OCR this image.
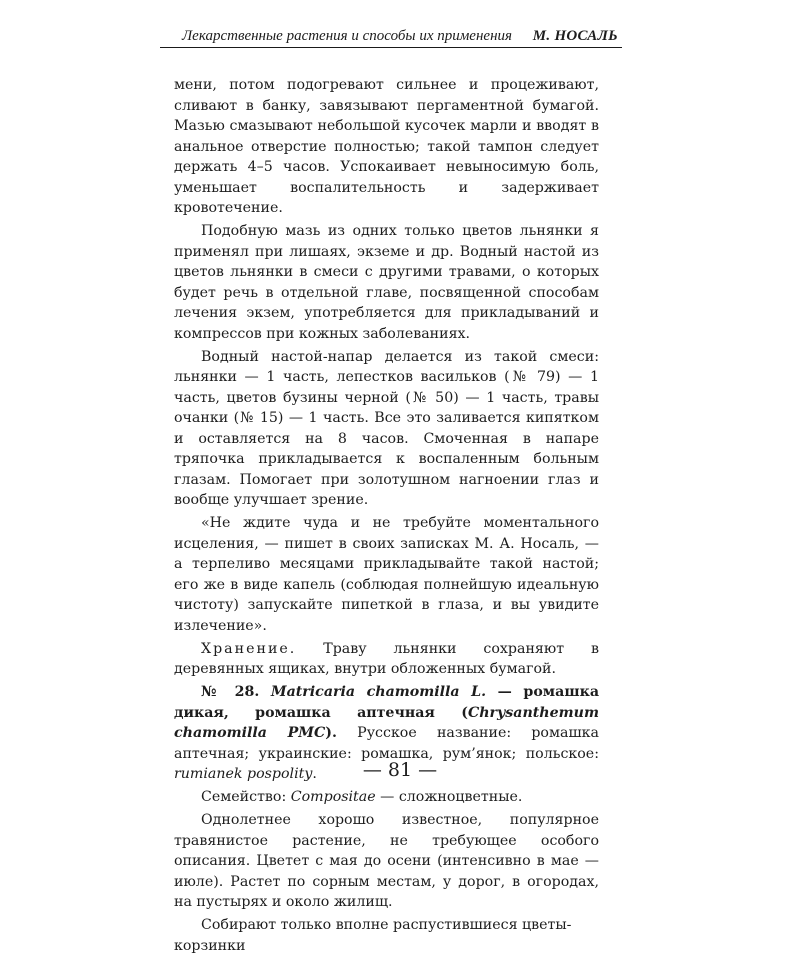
Лекарственные растения и способы их применения М. НОСАЛЬ

мени, потом подогревают сильнее и процеживают, сливают в банку, завязывают пергаментной бумагой. Мазью смазывают небольшой кусочек марли и вводят в анальное отверстие полностью; такой тампон следует держать 4–5 часов. Успокаивает невыносимую боль, уменьшает воспалительность и задерживает кровотечение.

Подобную мазь из одних только цветов льнянки я применял при лишаях, экземе и др. Водный настой из цветов льнянки в смеси с другими травами, о которых будет речь в отдельной главе, посвященной способам лечения экзем, употребляется для прикладываний и компрессов при кожных заболеваниях.

Водный настой-напар делается из такой смеси: льнянки — 1 часть, лепестков васильков (№ 79) — 1 часть, цветов бузины черной (№ 50) — 1 часть, травы очанки (№ 15) — 1 часть. Все это заливается кипятком и оставляется на 8 часов. Смоченная в напаре тряпочка прикладывается к воспаленным больным глазам. Помогает при золотушном нагноении глаз и вообще улучшает зрение.

«Не ждите чуда и не требуйте моментального исцеления, — пишет в своих записках М. А. Носаль, — а терпеливо месяцами прикладывайте такой настой; его же в виде капель (соблюдая полнейшую идеальную чистоту) запускайте пипеткой в глаза, и вы увидите излечение».

Хранение. Траву льнянки сохраняют в деревянных ящиках, внутри обложенных бумагой.

№ 28. Matricaria chamomilla L. — ромашка дикая, ромашка аптечная (Chrysanthemum chamomilla PMC). Русское название: ромашка аптечная; украинские: ромашка, рум’янок; польское: rumianek pospolity.

Семейство: Compositae — сложноцветные.

Однолетнее хорошо известное, популярное травянистое растение, не требующее особого описания. Цветет с мая до осени (интенсивно в мае — июле). Растет по сорным местам, у дорог, в огородах, на пустырях и около жилищ.

Собирают только вполне распустившиеся цветы-корзинки

— 81 —
